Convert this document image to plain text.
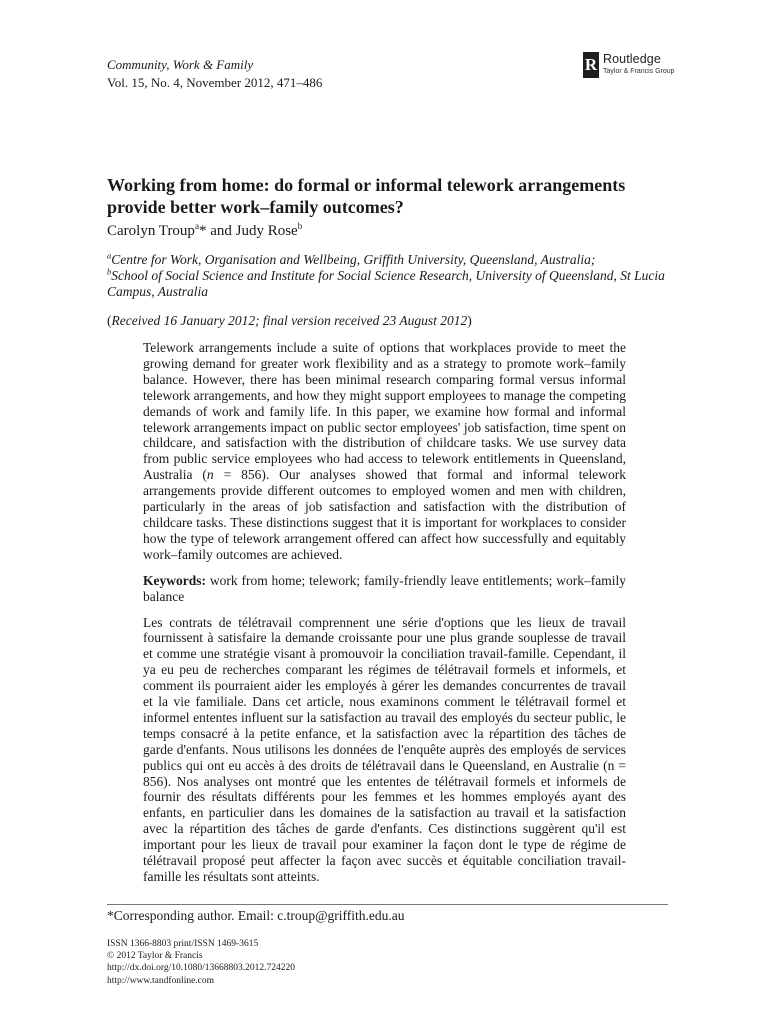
Community, Work & Family
Vol. 15, No. 4, November 2012, 471–486
R Routledge
Taylor & Francis Group
Working from home: do formal or informal telework arrangements provide better work–family outcomes?
Carolyn Troup$^a$* and Judy Rose$^b$
$^a$Centre for Work, Organisation and Wellbeing, Griffith University, Queensland, Australia;
$^b$School of Social Science and Institute for Social Science Research, University of Queensland, St Lucia Campus, Australia
(Received 16 January 2012; final version received 23 August 2012)

Telework arrangements include a suite of options that workplaces provide to meet the growing demand for greater work flexibility and as a strategy to promote work–family balance. However, there has been minimal research comparing formal versus informal telework arrangements, and how they might support employees to manage the competing demands of work and family life. In this paper, we examine how formal and informal telework arrangements impact on public sector employees' job satisfaction, time spent on childcare, and satisfaction with the distribution of childcare tasks. We use survey data from public service employees who had access to telework entitlements in Queensland, Australia (n = 856). Our analyses showed that formal and informal telework arrangements provide different outcomes to employed women and men with children, particularly in the areas of job satisfaction and satisfaction with the distribution of childcare tasks. These distinctions suggest that it is important for workplaces to consider how the type of telework arrangement offered can affect how successfully and equitably work–family outcomes are achieved.

Keywords: work from home; telework; family-friendly leave entitlements; work–family balance

Les contrats de télétravail comprennent une série d'options que les lieux de travail fournissent à satisfaire la demande croissante pour une plus grande souplesse de travail et comme une stratégie visant à promouvoir la conciliation travail-famille. Cependant, il ya eu peu de recherches comparant les régimes de télétravail formels et informels, et comment ils pourraient aider les employés à gérer les demandes concurrentes de travail et la vie familiale. Dans cet article, nous examinons comment le télétravail formel et informel ententes influent sur la satisfaction au travail des employés du secteur public, le temps consacré à la petite enfance, et la satisfaction avec la répartition des tâches de garde d'enfants. Nous utilisons les données de l'enquête auprès des employés de services publics qui ont eu accès à des droits de télétravail dans le Queensland, en Australie (n = 856). Nos analyses ont montré que les ententes de télétravail formels et informels de fournir des résultats différents pour les femmes et les hommes employés ayant des enfants, en particulier dans les domaines de la satisfaction au travail et la satisfaction avec la répartition des tâches de garde d'enfants. Ces distinctions suggèrent qu'il est important pour les lieux de travail pour examiner la façon dont le type de régime de télétravail proposé peut affecter la façon avec succès et équitable conciliation travail-famille les résultats sont atteints.

*Corresponding author. Email: c.troup@griffith.edu.au
ISSN 1366-8803 print/ISSN 1469-3615
© 2012 Taylor & Francis
http://dx.doi.org/10.1080/13668803.2012.724220
http://www.tandfonline.com
